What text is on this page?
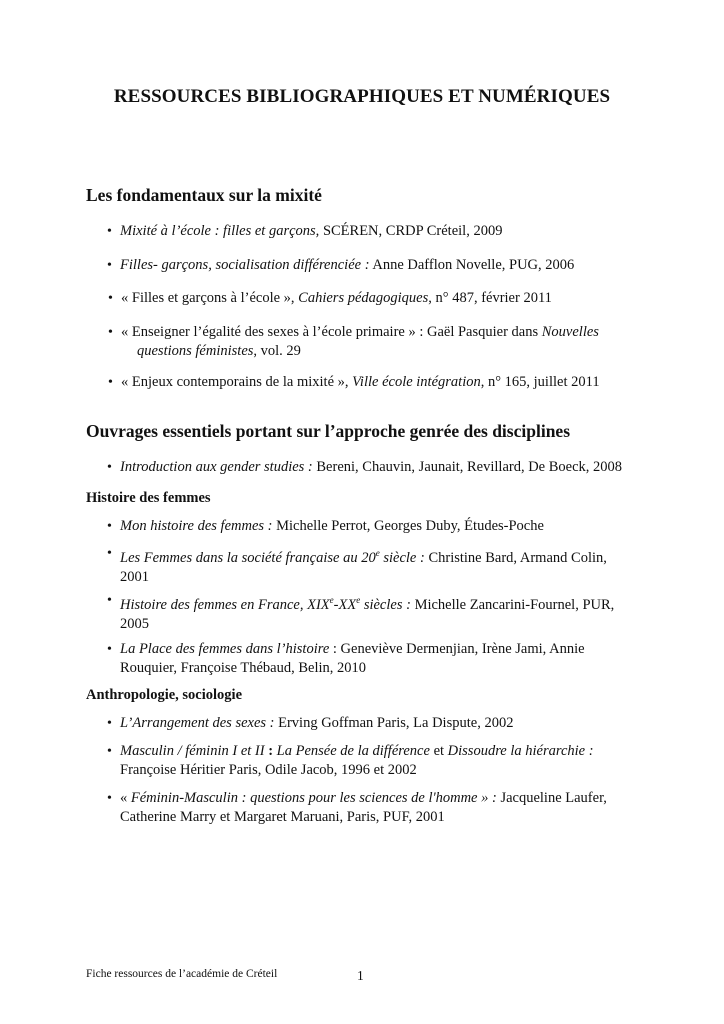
RESSOURCES BIBLIOGRAPHIQUES ET NUMÉRIQUES
Les fondamentaux sur la mixité
• Mixité à l’école : filles et garçons, SCÉREN, CRDP Créteil, 2009
• Filles- garçons, socialisation différenciée : Anne Dafflon Novelle, PUG, 2006
• « Filles et garçons à l’école », Cahiers pédagogiques, n° 487, février 2011
• « Enseigner l’égalité des sexes à l’école primaire » : Gaël Pasquier dans Nouvelles
questions féministes, vol. 29
• « Enjeux contemporains de la mixité », Ville école intégration, n° 165, juillet 2011
Ouvrages essentiels portant sur l’approche genrée des disciplines
• Introduction aux gender studies : Bereni, Chauvin, Jaunait, Revillard, De Boeck, 2008
Histoire des femmes
• Mon histoire des femmes : Michelle Perrot, Georges Duby, Études-Poche
• Les Femmes dans la société française au 20e siècle : Christine Bard, Armand Colin,
2001
• Histoire des femmes en France, XIXe-XXe siècles : Michelle Zancarini-Fournel, PUR,
2005
• La Place des femmes dans l’histoire : Geneviève Dermenjian, Irène Jami, Annie
Rouquier, Françoise Thébaud, Belin, 2010
Anthropologie, sociologie
• L’Arrangement des sexes : Erving Goffman Paris, La Dispute, 2002
• Masculin / féminin I et II : La Pensée de la différence et Dissoudre la hiérarchie :
Françoise Héritier Paris, Odile Jacob, 1996 et 2002
• « Féminin-Masculin : questions pour les sciences de l'homme » : Jacqueline Laufer,
Catherine Marry et Margaret Maruani, Paris, PUF, 2001
Fiche ressources de l’académie de Créteil	1
